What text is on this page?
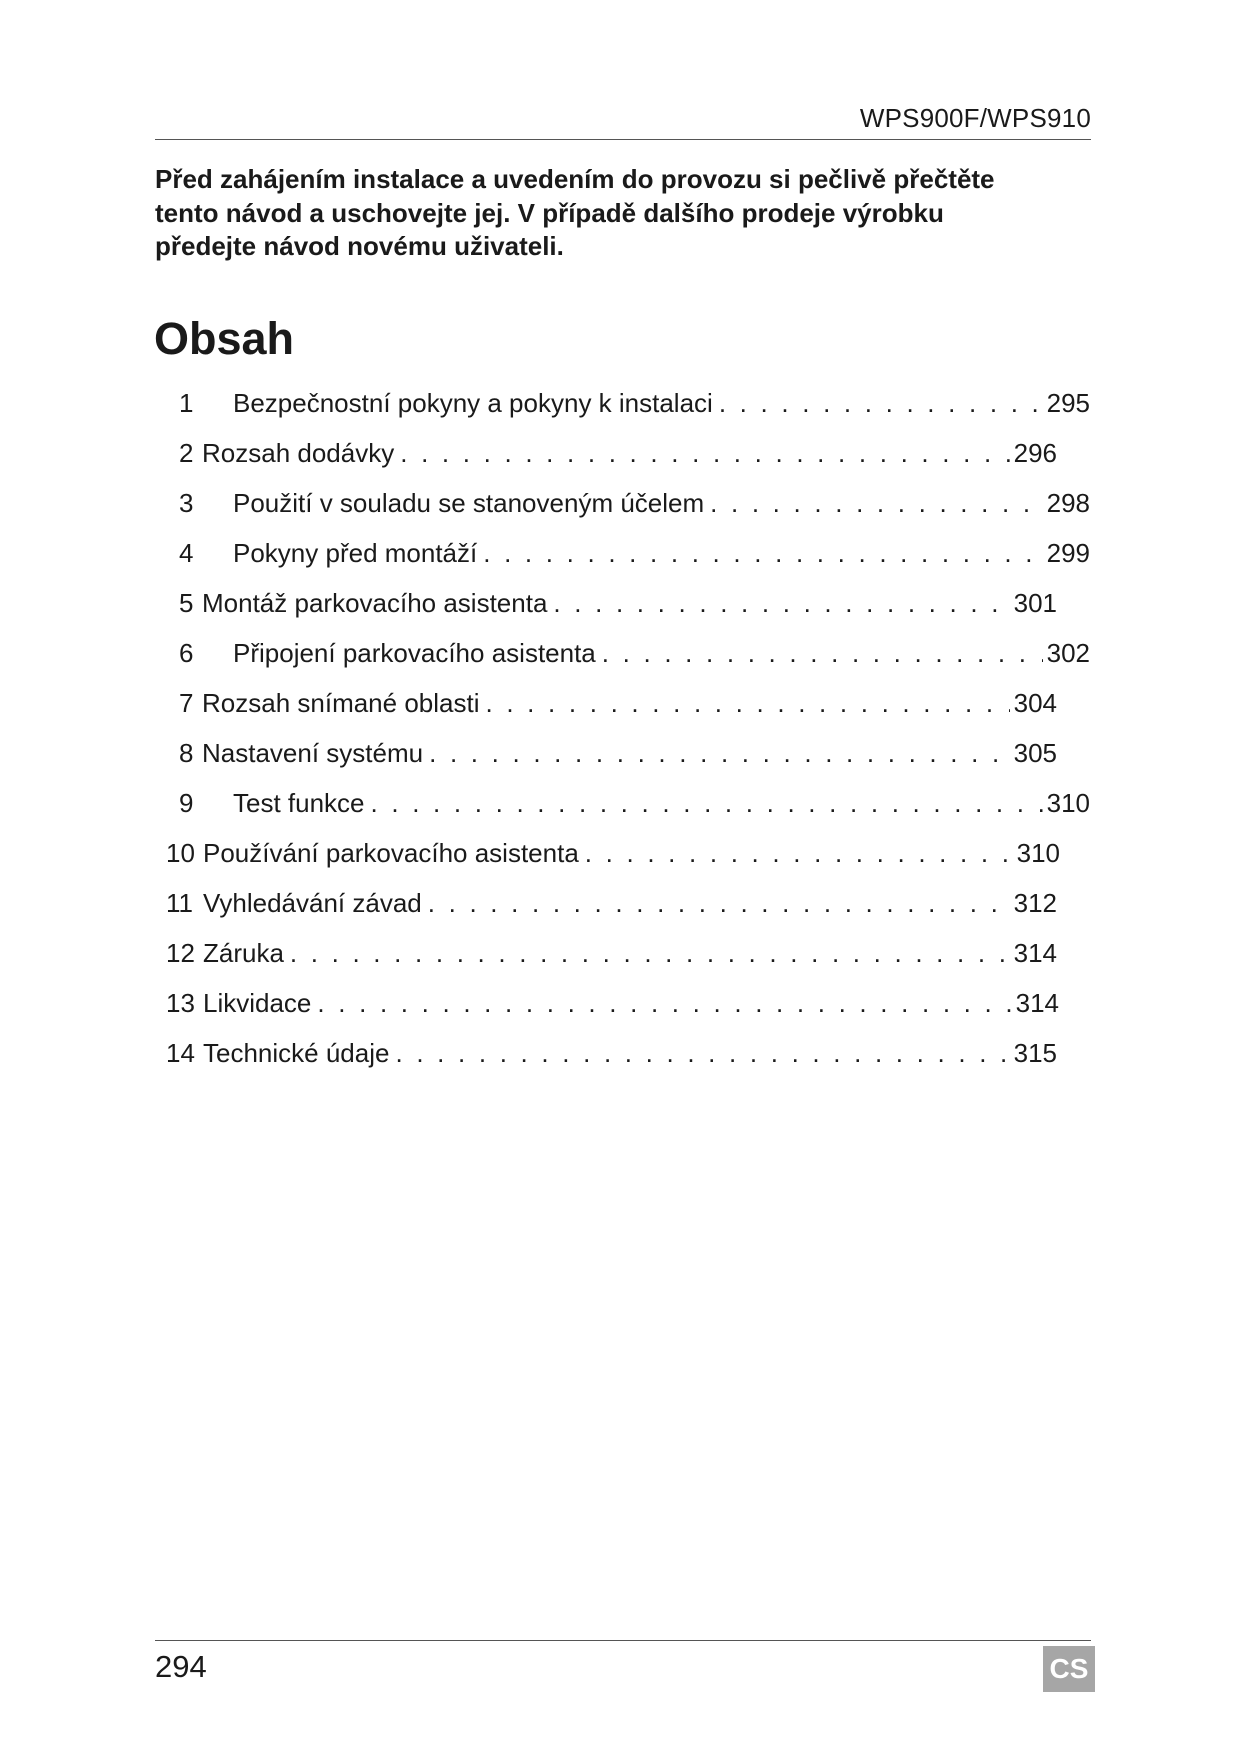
WPS900F/WPS910
Před zahájením instalace a uvedením do provozu si pečlivě přečtěte
tento návod a uschovejte jej. V případě dalšího prodeje výrobku
předejte návod novému uživateli.
Obsah
1	Bezpečnostní pokyny a pokyny k instalaci . . .	295
2 Rozsah dodávky . . .	296
3	Použití v souladu se stanoveným účelem . . .	298
4	Pokyny před montáží . . .	299
5 Montáž parkovacího asistenta . . .	301
6	Připojení parkovacího asistenta . . .	302
7 Rozsah snímané oblasti . . .	304
8 Nastavení systému . . .	305
9	Test funkce . . .	310
10 Používání parkovacího asistenta . . .	310
11 Vyhledávání závad . . .	312
12 Záruka . . .	314
13 Likvidace . . .	314
14 Technické údaje . . .	315
294	CS
